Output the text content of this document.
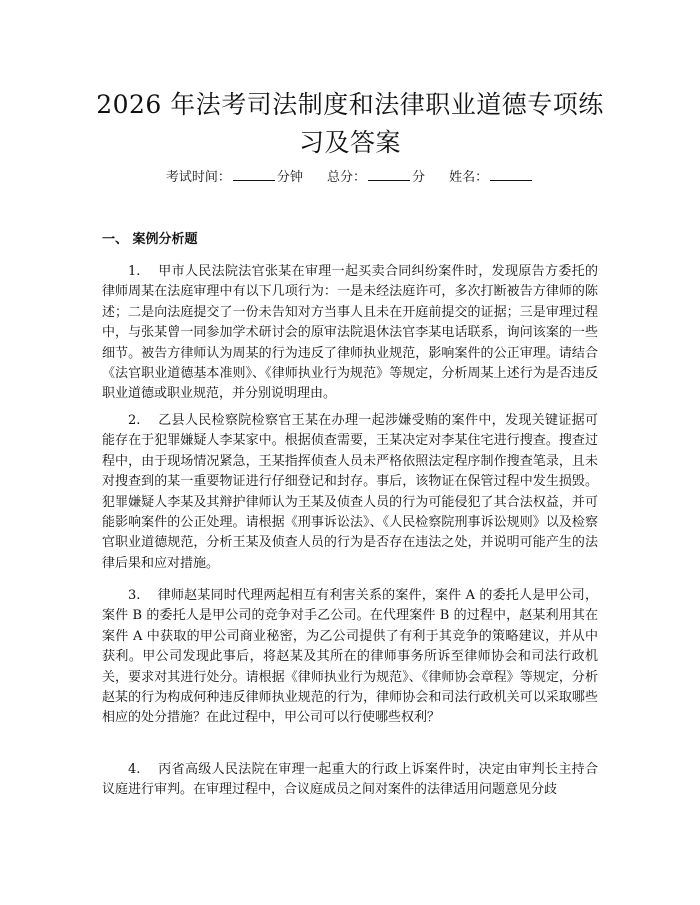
2026 年法考司法制度和法律职业道德专项练习及答案
考试时间：	分钟 总分：	分 姓名：
一、 案例分析题

1. 甲市人民法院法官张某在审理一起买卖合同纠纷案件时，发现原告方委托的律师周某在法庭审理中有以下几项行为：一是未经法庭许可，多次打断被告方律师的陈述；二是向法庭提交了一份未告知对方当事人且未在开庭前提交的证据；三是审理过程中，与张某曾一同参加学术研讨会的原审法院退休法官李某电话联系，询问该案的一些细节。被告方律师认为周某的行为违反了律师执业规范，影响案件的公正审理。请结合《法官职业道德基本准则》、《律师执业行为规范》等规定，分析周某上述行为是否违反职业道德或职业规范，并分别说明理由。

2. 乙县人民检察院检察官王某在办理一起涉嫌受贿的案件中，发现关键证据可能存在于犯罪嫌疑人李某家中。根据侦查需要，王某决定对李某住宅进行搜查。搜查过程中，由于现场情况紧急，王某指挥侦查人员未严格依照法定程序制作搜查笔录，且未对搜查到的某一重要物证进行仔细登记和封存。事后，该物证在保管过程中发生损毁。犯罪嫌疑人李某及其辩护律师认为王某及侦查人员的行为可能侵犯了其合法权益，并可能影响案件的公正处理。请根据《刑事诉讼法》、《人民检察院刑事诉讼规则》以及检察官职业道德规范，分析王某及侦查人员的行为是否存在违法之处，并说明可能产生的法律后果和应对措施。

3. 律师赵某同时代理两起相互有利害关系的案件，案件 A 的委托人是甲公司，案件 B 的委托人是甲公司的竞争对手乙公司。在代理案件 B 的过程中，赵某利用其在案件 A 中获取的甲公司商业秘密，为乙公司提供了有利于其竞争的策略建议，并从中获利。甲公司发现此事后，将赵某及其所在的律师事务所诉至律师协会和司法行政机关，要求对其进行处分。请根据《律师执业行为规范》、《律师协会章程》等规定，分析赵某的行为构成何种违反律师执业规范的行为，律师协会和司法行政机关可以采取哪些相应的处分措施？在此过程中，甲公司可以行使哪些权利？

4. 丙省高级人民法院在审理一起重大的行政上诉案件时，决定由审判长主持合议庭进行审判。在审理过程中，合议庭成员之间对案件的法律适用问题意见分歧
